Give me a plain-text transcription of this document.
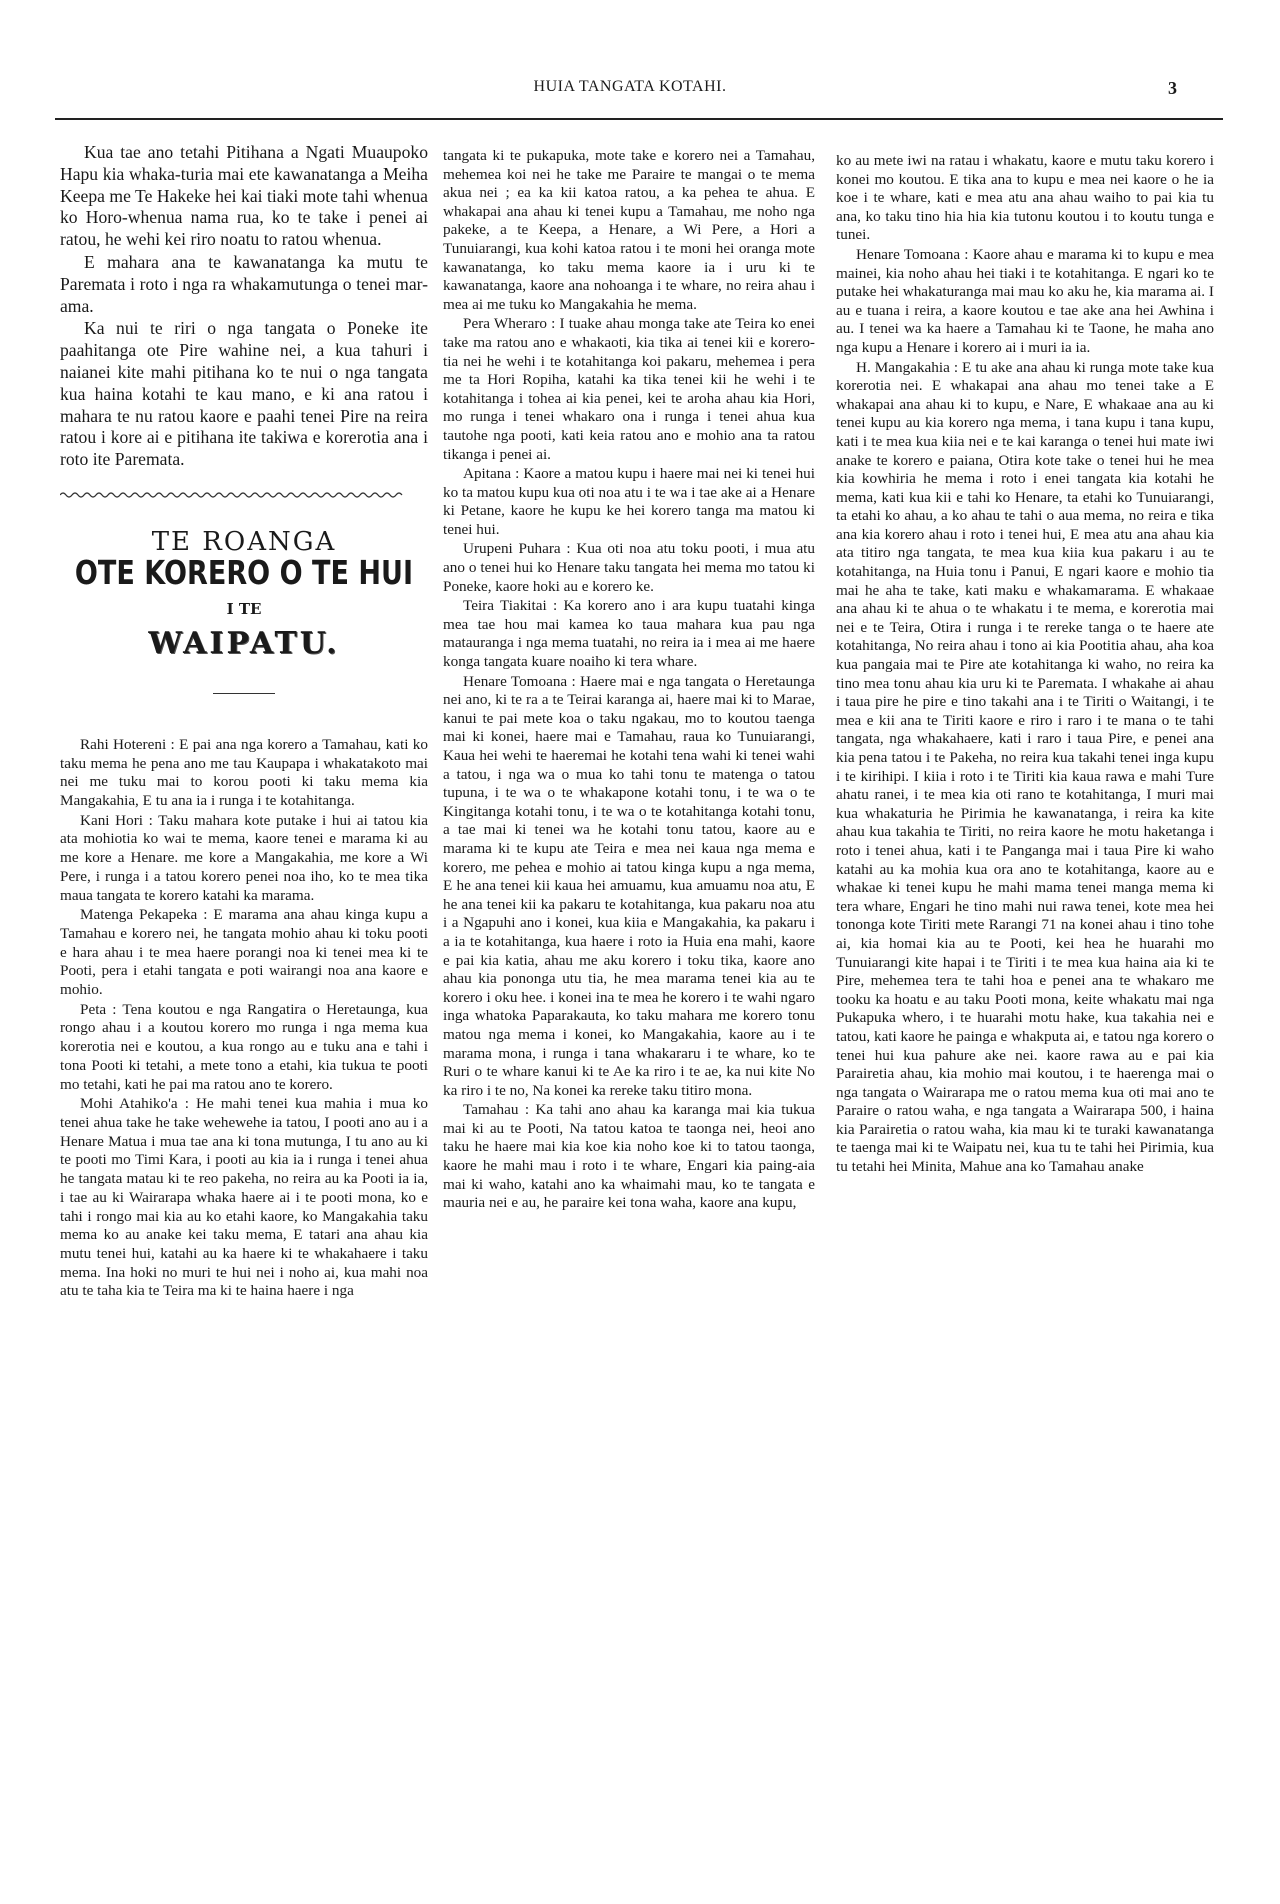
HUIA TANGATA KOTAHI.	3

Kua tae ano tetahi Pitihana a Ngati Muaupoko Hapu kia whaka-turia mai ete kawanatanga a Meiha Keepa me Te Hakeke hei kai tiaki mote tahi whenua ko Horo-whenua nama rua, ko te take i penei ai ratou, he wehi kei riro noatu to ratou whenua.

E mahara ana te kawanatanga ka mutu te Paremata i roto i nga ra whakamutunga o tenei mar-ama.

Ka nui te riri o nga tangata o Poneke ite paahitanga ote Pire wahine nei, a kua tahuri i naianei kite mahi pitihana ko te nui o nga tangata kua haina kotahi te kau mano, e ki ana ratou i mahara te nu ratou kaore e paahi tenei Pire na reira ratou i kore ai e pitihana ite takiwa e korerotia ana i roto ite Paremata.

TE ROANGA
OTE KORERO O TE HUI
I TE
WAIPATU.

Rahi Hotereni : E pai ana nga korero a Tamahau, kati ko taku mema he pena ano me tau Kaupapa i whakatakoto mai nei me tuku mai to korou pooti ki taku mema kia Mangakahia, E tu ana ia i runga i te kotahitanga.

Kani Hori : Taku mahara kote putake i hui ai tatou kia ata mohiotia ko wai te mema, kaore tenei e marama ki au me kore a Henare. me kore a Mangakahia, me kore a Wi Pere, i runga i a tatou korero penei noa iho, ko te mea tika maua tangata te korero katahi ka marama.

Matenga Pekapeka : E marama ana ahau kinga kupu a Tamahau e korero nei, he tangata mohio ahau ki toku pooti e hara ahau i te mea haere porangi noa ki tenei mea ki te Pooti, pera i etahi tangata e poti wairangi noa ana kaore e mohio.

Peta : Tena koutou e nga Rangatira o Heretaunga, kua rongo ahau i a koutou korero mo runga i nga mema kua korerotia nei e koutou, a kua rongo au e tuku ana e tahi i tona Pooti ki tetahi, a mete tono a etahi, kia tukua te pooti mo tetahi, kati he pai ma ratou ano te korero.

Mohi Atahiko'a : He mahi tenei kua mahia i mua ko tenei ahua take he take wehewehe ia tatou, I pooti ano au i a Henare Matua i mua tae ana ki tona mutunga, I tu ano au ki te pooti mo Timi Kara, i pooti au kia ia i runga i tenei ahua he tangata matau ki te reo pakeha, no reira au ka Pooti ia ia, i tae au ki Wairarapa whaka haere ai i te pooti mona, ko e tahi i rongo mai kia au ko etahi kaore, ko Mangakahia taku mema ko au anake kei taku mema, E tatari ana ahau kia mutu tenei hui, katahi au ka haere ki te whakahaere i taku mema. Ina hoki no muri te hui nei i noho ai, kua mahi noa atu te taha kia te Teira ma ki te haina haere i nga

tangata ki te pukapuka, mote take e korero nei a Tamahau, mehemea koi nei he take me Paraire te mangai o te mema akua nei ; ea ka kii katoa ratou, a ka pehea te ahua. E whakapai ana ahau ki tenei kupu a Tamahau, me noho nga pakeke, a te Keepa, a Henare, a Wi Pere, a Hori a Tunuiarangi, kua kohi katoa ratou i te moni hei oranga mote kawanatanga, ko taku mema kaore ia i uru ki te kawanatanga, kaore ana nohoanga i te whare, no reira ahau i mea ai me tuku ko Mangakahia he mema.

Pera Wheraro : I tuake ahau monga take ate Teira ko enei take ma ratou ano e whakaoti, kia tika ai tenei kii e korero-tia nei he wehi i te kotahitanga koi pakaru, mehemea i pera me ta Hori Ropiha, katahi ka tika tenei kii he wehi i te kotahitanga i tohea ai kia penei, kei te aroha ahau kia Hori, mo runga i tenei whakaro ona i runga i tenei ahua kua tautohe nga pooti, kati keia ratou ano e mohio ana ta ratou tikanga i penei ai.

Apitana : Kaore a matou kupu i haere mai nei ki tenei hui ko ta matou kupu kua oti noa atu i te wa i tae ake ai a Henare ki Petane, kaore he kupu ke hei korero tanga ma matou ki tenei hui.

Urupeni Puhara : Kua oti noa atu toku pooti, i mua atu ano o tenei hui ko Henare taku tangata hei mema mo tatou ki Poneke, kaore hoki au e korero ke.

Teira Tiakitai : Ka korero ano i ara kupu tuatahi kinga mea tae hou mai kamea ko taua mahara kua pau nga matauranga i nga mema tuatahi, no reira ia i mea ai me haere konga tangata kuare noaiho ki tera whare.

Henare Tomoana : Haere mai e nga tangata o Heretaunga nei ano, ki te ra a te Teirai karanga ai, haere mai ki to Marae, kanui te pai mete koa o taku ngakau, mo to koutou taenga mai ki konei, haere mai e Tamahau, raua ko Tunuiarangi, Kaua hei wehi te haeremai he kotahi tena wahi ki tenei wahi a tatou, i nga wa o mua ko tahi tonu te matenga o tatou tupuna, i te wa o te whakapone kotahi tonu, i te wa o te Kingitanga kotahi tonu, i te wa o te kotahitanga kotahi tonu, a tae mai ki tenei wa he kotahi tonu tatou, kaore au e marama ki te kupu ate Teira e mea nei kaua nga mema e korero, me pehea e mohio ai tatou kinga kupu a nga mema, E he ana tenei kii kaua hei amuamu, kua amuamu noa atu, E he ana tenei kii ka pakaru te kotahitanga, kua pakaru noa atu i a Ngapuhi ano i konei, kua kiia e Mangakahia, ka pakaru i a ia te kotahitanga, kua haere i roto ia Huia ena mahi, kaore e pai kia katia, ahau me aku korero i toku tika, kaore ano ahau kia pononga utu tia, he mea marama tenei kia au te korero i oku hee. i konei ina te mea he korero i te wahi ngaro inga whatoka Paparakauta, ko taku mahara me korero tonu matou nga mema i konei, ko Mangakahia, kaore au i te marama mona, i runga i tana whakararu i te whare, ko te Ruri o te whare kanui ki te Ae ka riro i te ae, ka nui kite No ka riro i te no, Na konei ka rereke taku titiro mona.

Tamahau : Ka tahi ano ahau ka karanga mai kia tukua mai ki au te Pooti, Na tatou katoa te taonga nei, heoi ano taku he haere mai kia koe kia noho koe ki to tatou taonga, kaore he mahi mau i roto i te whare, Engari kia paing-aia mai ki waho, katahi ano ka whaimahi mau, ko te tangata e mauria nei e au, he paraire kei tona waha, kaore ana kupu,

ko au mete iwi na ratau i whakatu, kaore e mutu taku korero i konei mo koutou. E tika ana to kupu e mea nei kaore o he ia koe i te whare, kati e mea atu ana ahau waiho to pai kia tu ana, ko taku tino hia hia kia tutonu koutou i to koutu tunga e tunei.

Henare Tomoana : Kaore ahau e marama ki to kupu e mea mainei, kia noho ahau hei tiaki i te kotahitanga. E ngari ko te putake hei whakaturanga mai mau ko aku he, kia marama ai. I au e tuana i reira, a kaore koutou e tae ake ana hei Awhina i au. I tenei wa ka haere a Tamahau ki te Taone, he maha ano nga kupu a Henare i korero ai i muri ia ia.

H. Mangakahia : E tu ake ana ahau ki runga mote take kua korerotia nei. E whakapai ana ahau mo tenei take a E whakapai ana ahau ki to kupu, e Nare, E whakaae ana au ki tenei kupu au kia korero nga mema, i tana kupu i tana kupu, kati i te mea kua kiia nei e te kai karanga o tenei hui mate iwi anake te korero e paiana, Otira kote take o tenei hui he mea kia kowhiria he mema i roto i enei tangata kia kotahi he mema, kati kua kii e tahi ko Henare, ta etahi ko Tunuiarangi, ta etahi ko ahau, a ko ahau te tahi o aua mema, no reira e tika ana kia korero ahau i roto i tenei hui, E mea atu ana ahau kia ata titiro nga tangata, te mea kua kiia kua pakaru i au te kotahitanga, na Huia tonu i Panui, E ngari kaore e mohio tia mai he aha te take, kati maku e whakamarama. E whakaae ana ahau ki te ahua o te whakatu i te mema, e korerotia mai nei e te Teira, Otira i runga i te rereke tanga o te haere ate kotahitanga, No reira ahau i tono ai kia Pootitia ahau, aha koa kua pangaia mai te Pire ate kotahitanga ki waho, no reira ka tino mea tonu ahau kia uru ki te Paremata. I whakahe ai ahau i taua pire he pire e tino takahi ana i te Tiriti o Waitangi, i te mea e kii ana te Tiriti kaore e riro i raro i te mana o te tahi tangata, nga whakahaere, kati i raro i taua Pire, e penei ana kia pena tatou i te Pakeha, no reira kua takahi tenei inga kupu i te kirihipi. I kiia i roto i te Tiriti kia kaua rawa e mahi Ture ahatu ranei, i te mea kia oti rano te kotahitanga, I muri mai kua whakaturia he Pirimia he kawanatanga, i reira ka kite ahau kua takahia te Tiriti, no reira kaore he motu haketanga i roto i tenei ahua, kati i te Panganga mai i taua Pire ki waho katahi au ka mohia kua ora ano te kotahitanga, kaore au e whakae ki tenei kupu he mahi mama tenei manga mema ki tera whare, Engari he tino mahi nui rawa tenei, kote mea hei tononga kote Tiriti mete Rarangi 71 na konei ahau i tino tohe ai, kia homai kia au te Pooti, kei hea he huarahi mo Tunuiarangi kite hapai i te Tiriti i te mea kua haina aia ki te Pire, mehemea tera te tahi hoa e penei ana te whakaro me tooku ka hoatu e au taku Pooti mona, keite whakatu mai nga Pukapuka whero, i te huarahi motu hake, kua takahia nei e tatou, kati kaore he painga e whakputa ai, e tatou nga korero o tenei hui kua pahure ake nei. kaore rawa au e pai kia Parairetia ahau, kia mohio mai koutou, i te haerenga mai o nga tangata o Wairarapa me o ratou mema kua oti mai ano te Paraire o ratou waha, e nga tangata a Wairarapa 500, i haina kia Parairetia o ratou waha, kia mau ki te turaki kawanatanga te taenga mai ki te Waipatu nei, kua tu te tahi hei Pirimia, kua tu tetahi hei Minita, Mahue ana ko Tamahau anake
